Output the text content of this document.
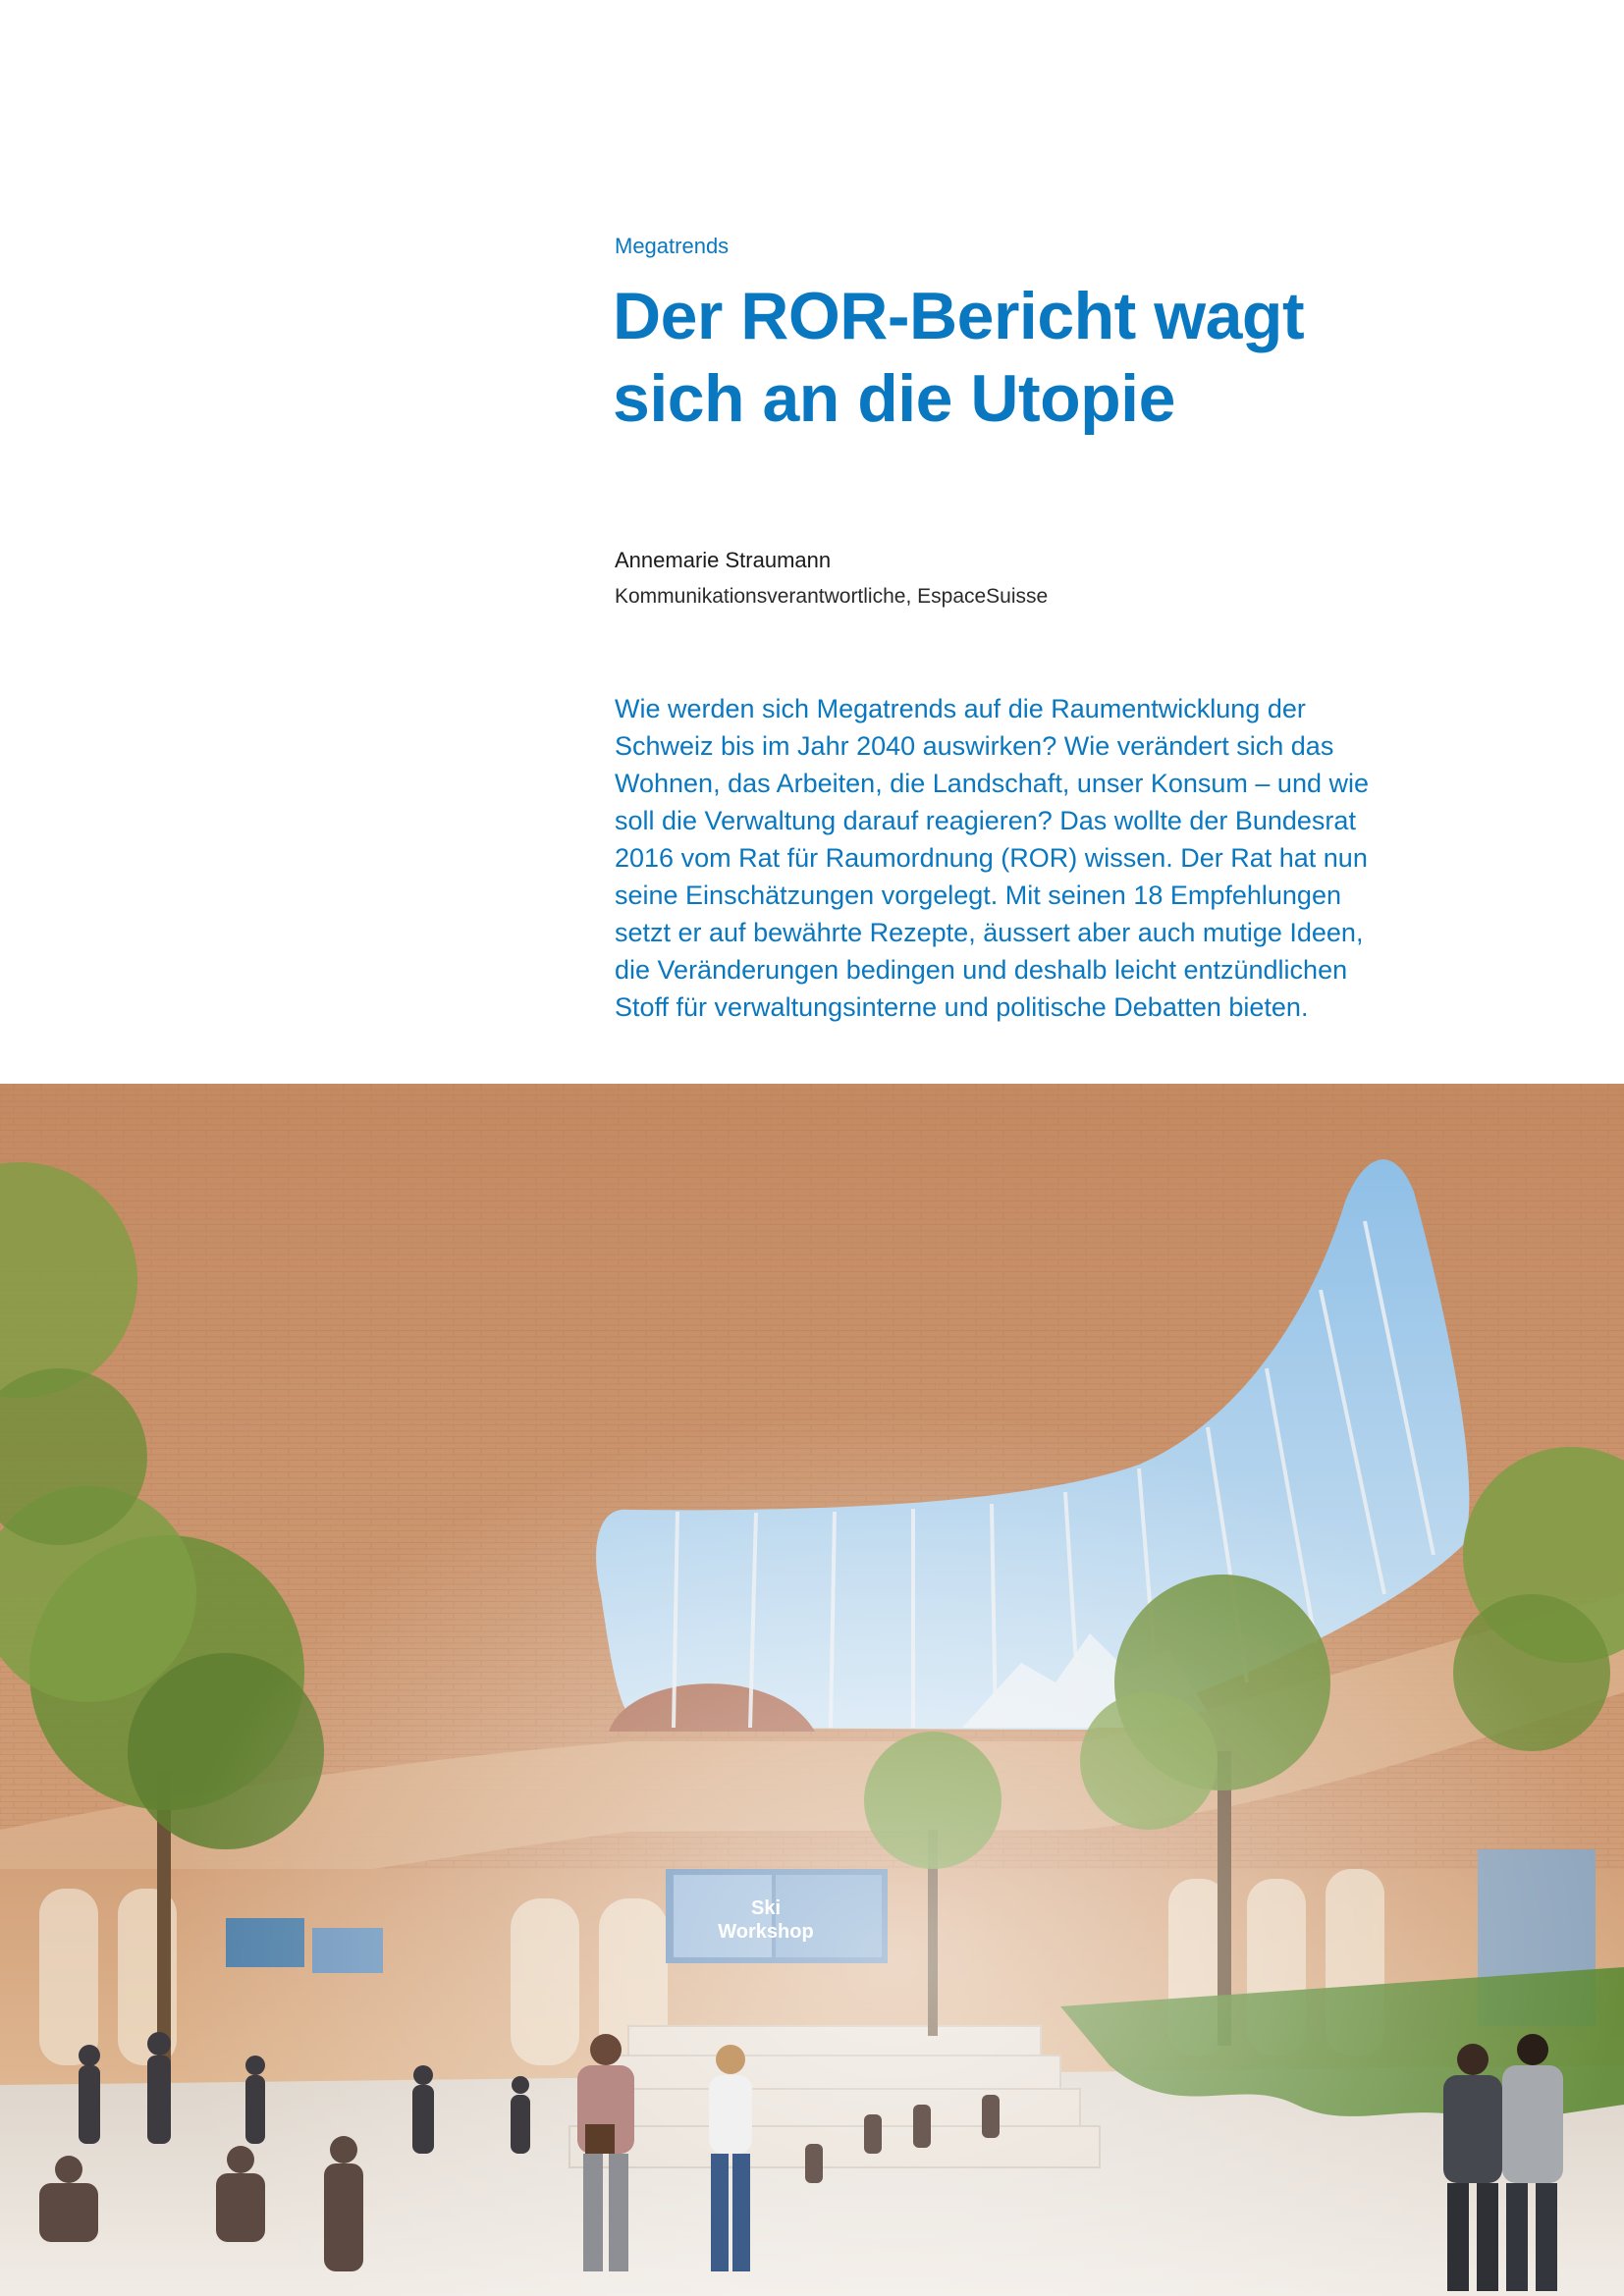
Megatrends

Der ROR-Bericht wagt
sich an die Utopie

Annemarie Straumann

Kommunikationsverantwortliche, EspaceSuisse

Wie werden sich Megatrends auf die Raumentwicklung der
Schweiz bis im Jahr 2040 auswirken? Wie verändert sich das
Wohnen, das Arbeiten, die Landschaft, unser Konsum – und wie
soll die Verwaltung darauf reagieren? Das wollte der Bundesrat
2016 vom Rat für Raumordnung (ROR) wissen. Der Rat hat nun
seine Einschätzungen vorgelegt. Mit seinen 18 Empfehlungen
setzt er auf bewährte Rezepte, äussert aber auch mutige Ideen,
die Veränderungen bedingen und deshalb leicht entzündlichen
Stoff für verwaltungsinterne und politische Debatten bieten.
